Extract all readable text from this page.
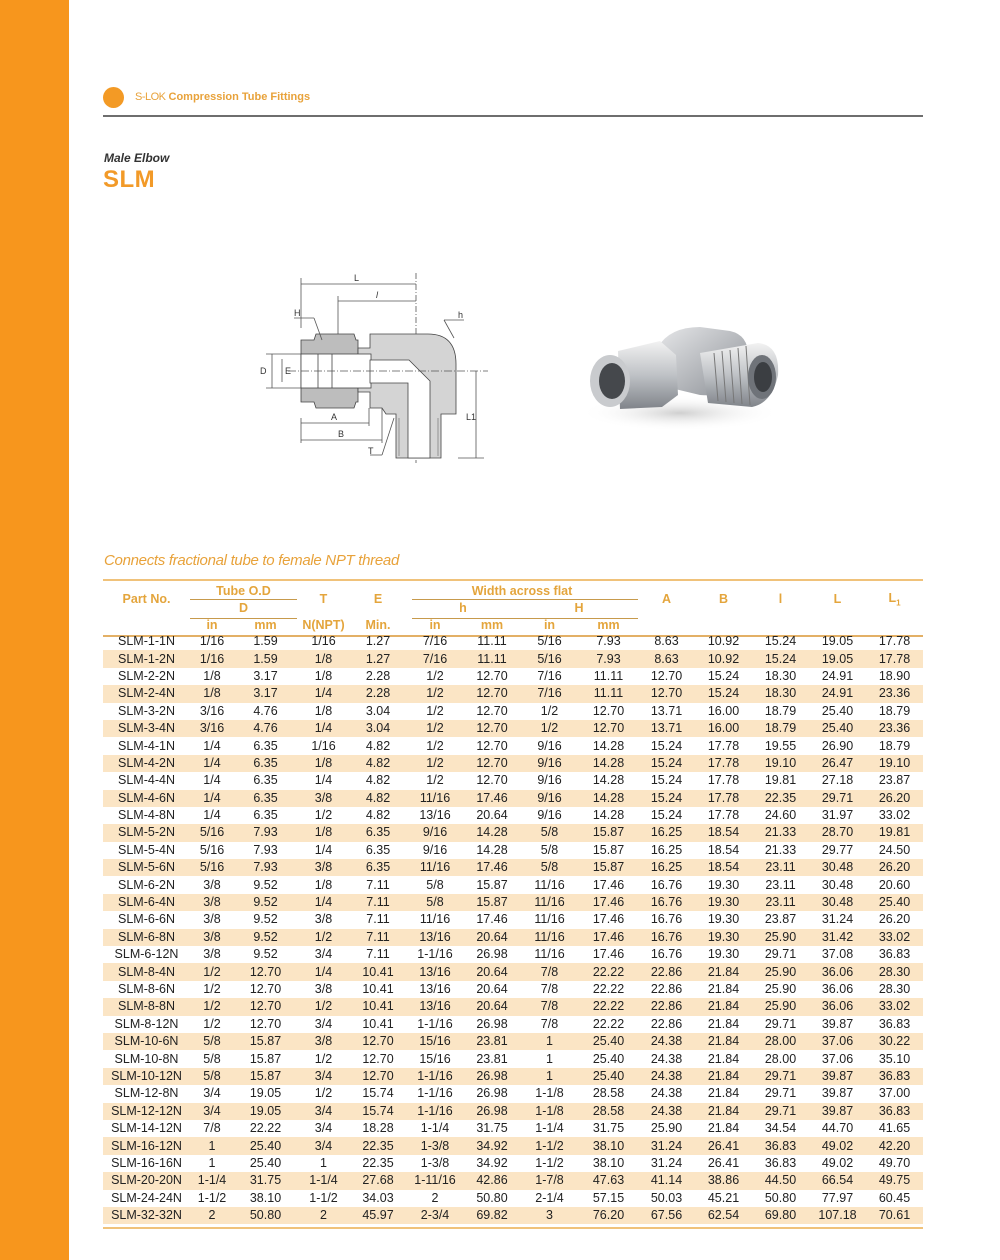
S-LOK Compression Tube Fittings
Male Elbow
SLM
L
l
H	h
D E
A
B
T
L1
Connects fractional tube to female NPT thread
Part No.	Tube O.D		T	E	Width across flat				A	B	l	L	$L_1$
	D				h		H						
	in	mm	N(NPT)	Min.	in	mm	in	mm					
SLM-1-1N	1/16	1.59	1/16	1.27	7/16	11.11	5/16	7.93	8.63	10.92	15.24	19.05	17.78
SLM-1-2N	1/16	1.59	1/8	1.27	7/16	11.11	5/16	7.93	8.63	10.92	15.24	19.05	17.78
SLM-2-2N	1/8	3.17	1/8	2.28	1/2	12.70	7/16	11.11	12.70	15.24	18.30	24.91	18.90
SLM-2-4N	1/8	3.17	1/4	2.28	1/2	12.70	7/16	11.11	12.70	15.24	18.30	24.91	23.36
SLM-3-2N	3/16	4.76	1/8	3.04	1/2	12.70	1/2	12.70	13.71	16.00	18.79	25.40	18.79
SLM-3-4N	3/16	4.76	1/4	3.04	1/2	12.70	1/2	12.70	13.71	16.00	18.79	25.40	23.36
SLM-4-1N	1/4	6.35	1/16	4.82	1/2	12.70	9/16	14.28	15.24	17.78	19.55	26.90	18.79
SLM-4-2N	1/4	6.35	1/8	4.82	1/2	12.70	9/16	14.28	15.24	17.78	19.10	26.47	19.10
SLM-4-4N	1/4	6.35	1/4	4.82	1/2	12.70	9/16	14.28	15.24	17.78	19.81	27.18	23.87
SLM-4-6N	1/4	6.35	3/8	4.82	11/16	17.46	9/16	14.28	15.24	17.78	22.35	29.71	26.20
SLM-4-8N	1/4	6.35	1/2	4.82	13/16	20.64	9/16	14.28	15.24	17.78	24.60	31.97	33.02
SLM-5-2N	5/16	7.93	1/8	6.35	9/16	14.28	5/8	15.87	16.25	18.54	21.33	28.70	19.81
SLM-5-4N	5/16	7.93	1/4	6.35	9/16	14.28	5/8	15.87	16.25	18.54	21.33	29.77	24.50
SLM-5-6N	5/16	7.93	3/8	6.35	11/16	17.46	5/8	15.87	16.25	18.54	23.11	30.48	26.20
SLM-6-2N	3/8	9.52	1/8	7.11	5/8	15.87	11/16	17.46	16.76	19.30	23.11	30.48	20.60
SLM-6-4N	3/8	9.52	1/4	7.11	5/8	15.87	11/16	17.46	16.76	19.30	23.11	30.48	25.40
SLM-6-6N	3/8	9.52	3/8	7.11	11/16	17.46	11/16	17.46	16.76	19.30	23.87	31.24	26.20
SLM-6-8N	3/8	9.52	1/2	7.11	13/16	20.64	11/16	17.46	16.76	19.30	25.90	31.42	33.02
SLM-6-12N	3/8	9.52	3/4	7.11	1-1/16	26.98	11/16	17.46	16.76	19.30	29.71	37.08	36.83
SLM-8-4N	1/2	12.70	1/4	10.41	13/16	20.64	7/8	22.22	22.86	21.84	25.90	36.06	28.30
SLM-8-6N	1/2	12.70	3/8	10.41	13/16	20.64	7/8	22.22	22.86	21.84	25.90	36.06	28.30
SLM-8-8N	1/2	12.70	1/2	10.41	13/16	20.64	7/8	22.22	22.86	21.84	25.90	36.06	33.02
SLM-8-12N	1/2	12.70	3/4	10.41	1-1/16	26.98	7/8	22.22	22.86	21.84	29.71	39.87	36.83
SLM-10-6N	5/8	15.87	3/8	12.70	15/16	23.81	1	25.40	24.38	21.84	28.00	37.06	30.22
SLM-10-8N	5/8	15.87	1/2	12.70	15/16	23.81	1	25.40	24.38	21.84	28.00	37.06	35.10
SLM-10-12N	5/8	15.87	3/4	12.70	1-1/16	26.98	1	25.40	24.38	21.84	29.71	39.87	36.83
SLM-12-8N	3/4	19.05	1/2	15.74	1-1/16	26.98	1-1/8	28.58	24.38	21.84	29.71	39.87	37.00
SLM-12-12N	3/4	19.05	3/4	15.74	1-1/16	26.98	1-1/8	28.58	24.38	21.84	29.71	39.87	36.83
SLM-14-12N	7/8	22.22	3/4	18.28	1-1/4	31.75	1-1/4	31.75	25.90	21.84	34.54	44.70	41.65
SLM-16-12N	1	25.40	3/4	22.35	1-3/8	34.92	1-1/2	38.10	31.24	26.41	36.83	49.02	42.20
SLM-16-16N	1	25.40	1	22.35	1-3/8	34.92	1-1/2	38.10	31.24	26.41	36.83	49.02	49.70
SLM-20-20N	1-1/4	31.75	1-1/4	27.68	1-11/16	42.86	1-7/8	47.63	41.14	38.86	44.50	66.54	49.75
SLM-24-24N	1-1/2	38.10	1-1/2	34.03	2	50.80	2-1/4	57.15	50.03	45.21	50.80	77.97	60.45
SLM-32-32N	2	50.80	2	45.97	2-3/4	69.82	3	76.20	67.56	62.54	69.80	107.18	70.61
